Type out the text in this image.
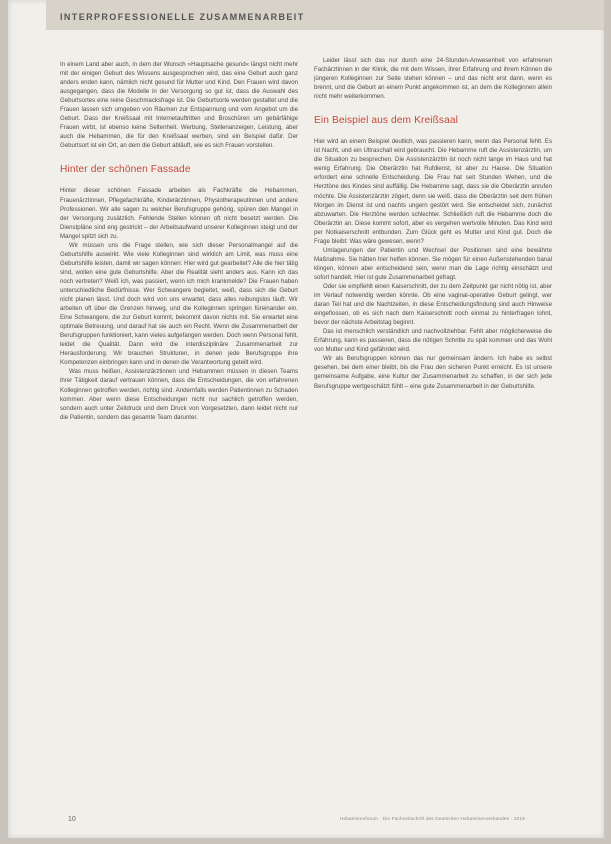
INTERPROFESSIONELLE ZUSAMMENARBEIT

In einem Land aber auch, in dem der Wunsch »Hauptsache gesund« längst nicht mehr mit der einigen Geburt des Wissens ausgesprochen wird, das eine Geburt auch ganz anders enden kann, nämlich nicht gesund für Mutter und Kind. Den Frauen wird davon ausgegangen, dass die Modelle in der Versorgung so gut ist, dass die Auswahl des Geburtsortes eine reine Geschmacksfrage ist. Die Geburtsorte werden gestaltet und die Frauen lassen sich umgeben von Räumen zur Entspannung und vom Angebot um die Geburt. Dass der Kreißsaal mit Internetauftritten und Broschüren um gebärfähige Frauen wirbt, ist ebenso keine Seltenheit. Werbung, Stellenanzeigen, Leistung, aber auch die Hebammen, die für den Kreißsaal werben, sind ein Beispiel dafür. Der Geburtsort ist ein Ort, an dem die Geburt abläuft, wie es sich Frauen vorstellen.

Hinter der schönen Fassade

Hinter dieser schönen Fassade arbeiten als Fachkräfte die Hebammen, Frauenärztinnen, Pflegefachkräfte, Kinderärztinnen, Physiotherapeutinnen und andere Professionen. Wir alle sagen zu welcher Berufsgruppe gehörig, spüren den Mangel in der Versorgung zusätzlich. Fehlende Stellen können oft nicht besetzt werden. Die Dienstpläne sind eng gestrickt – der Arbeitsaufwand unserer Kolleginnen steigt und der Mangel spitzt sich zu.

Wir müssen uns die Frage stellen, wie sich dieser Personalmangel auf die Geburtshilfe auswirkt. Wie viele Kolleginnen sind wirklich am Limit, was muss eine Geburtshilfe leisten, damit wir sagen können: Hier wird gut gearbeitet? Alle die hier tätig sind, wollen eine gute Geburtshilfe. Aber die Realität sieht anders aus. Kann ich das noch vertreten? Weiß ich, was passiert, wenn ich mich krankmelde? Die Frauen haben unterschiedliche Bedürfnisse. Wer Schwangere begleitet, weiß, dass sich die Geburt nicht planen lässt. Und doch wird von uns erwartet, dass alles reibungslos läuft. Wir arbeiten oft über die Grenzen hinweg, und die Kolleginnen springen füreinander ein. Eine Schwangere, die zur Geburt kommt, bekommt davon nichts mit. Sie erwartet eine optimale Betreuung, und darauf hat sie auch ein Recht. Wenn die Zusammenarbeit der Berufsgruppen funktioniert, kann vieles aufgefangen werden. Doch wenn Personal fehlt, leidet die Qualität. Dann wird die interdisziplinäre Zusammenarbeit zur Herausforderung. Wir brauchen Strukturen, in denen jede Berufsgruppe ihre Kompetenzen einbringen kann und in denen die Verantwortung geteilt wird.

Was muss heißen, Assistenzärztinnen und Hebammen müssen in diesen Teams ihrer Tätigkeit darauf vertrauen können, dass die Entscheidungen, die von erfahrenen Kolleginnen getroffen werden, richtig sind. Andernfalls werden Patientinnen zu Schaden kommen. Aber wenn diese Entscheidungen nicht nur sachlich getroffen werden, sondern auch unter Zeitdruck und dem Druck von Vorgesetzten, dann leidet nicht nur die Patientin, sondern das gesamte Team darunter.

Leider lässt sich das nur durch eine 24-Stunden-Anwesenheit von erfahrenen Fachärztinnen in der Klinik, die mit dem Wissen, ihrer Erfahrung und ihrem Können die jüngeren Kolleginnen zur Seite stehen können – und das nicht erst dann, wenn es brennt, und die Geburt an einem Punkt angekommen ist, an dem die Kolleginnen allein nicht mehr weiterkommen.

Ein Beispiel aus dem Kreißsaal

Hier wird an einem Beispiel deutlich, was passieren kann, wenn das Personal fehlt. Es ist Nacht, und ein Ultraschall wird gebraucht. Die Hebamme ruft die Assistenzärztin, um die Situation zu besprechen. Die Assistenzärztin ist noch nicht lange im Haus und hat wenig Erfahrung. Die Oberärztin hat Rufdienst, ist aber zu Hause. Die Situation erfordert eine schnelle Entscheidung. Die Frau hat seit Stunden Wehen, und die Herztöne des Kindes sind auffällig. Die Hebamme sagt, dass sie die Oberärztin anrufen möchte. Die Assistenzärztin zögert, denn sie weiß, dass die Oberärztin seit dem frühen Morgen im Dienst ist und nachts ungern gestört wird. Sie entscheidet sich, zunächst abzuwarten. Die Herztöne werden schlechter. Schließlich ruft die Hebamme doch die Oberärztin an. Diese kommt sofort, aber es vergehen wertvolle Minuten. Das Kind wird per Notkaiserschnitt entbunden. Zum Glück geht es Mutter und Kind gut. Doch die Frage bleibt: Was wäre gewesen, wenn?

Umlagerungen der Patientin und Wechsel der Positionen sind eine bewährte Maßnahme. Sie hätten hier helfen können. Sie mögen für einen Außenstehenden banal klingen, können aber entscheidend sein, wenn man die Lage richtig einschätzt und sofort handelt. Hier ist gute Zusammenarbeit gefragt.

Oder sie empfiehlt einen Kaiserschnitt, der zu dem Zeitpunkt gar nicht nötig ist, aber im Verlauf notwendig werden könnte. Ob eine vaginal-operative Geburt gelingt, wer daran Teil hat und die Nachtzeiten, in diese Entscheidungsfindung sind auch Hinweise eingeflossen, ob es sich nach dem Kaiserschnitt noch einmal zu hinterfragen lohnt, bevor der nächste Arbeitstag beginnt.

Das ist menschlich verständlich und nachvollziehbar. Fehlt aber möglicherweise die Erfahrung, kann es passieren, dass die nötigen Schritte zu spät kommen und das Wohl von Mutter und Kind gefährdet wird.

Wir als Berufsgruppen können das nur gemeinsam ändern. Ich habe es selbst gesehen, bei dem einer bleibt, bis die Frau den sicheren Punkt erreicht. Es ist unsere gemeinsame Aufgabe, eine Kultur der Zusammenarbeit zu schaffen, in der sich jede Berufsgruppe wertgeschätzt fühlt – eine gute Zusammenarbeit in der Geburtshilfe.

10	Hebammenforum · Die Fachzeitschrift des Deutschen Hebammenverbandes · 2019
